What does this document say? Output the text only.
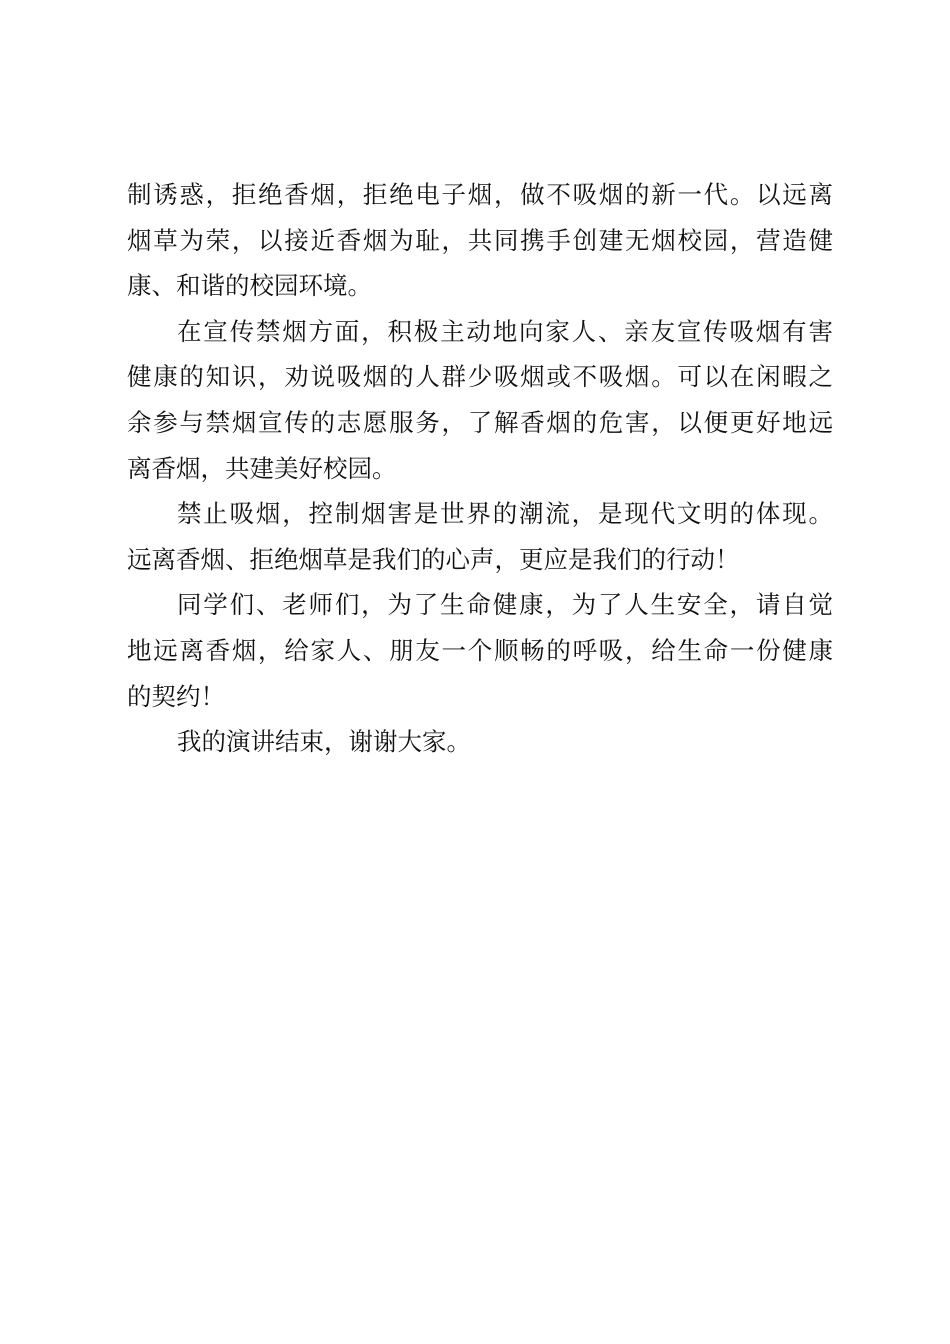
制诱惑，拒绝香烟，拒绝电子烟，做不吸烟的新一代。以远离
烟草为荣，以接近香烟为耻，共同携手创建无烟校园，营造健
康、和谐的校园环境。

在宣传禁烟方面，积极主动地向家人、亲友宣传吸烟有害
健康的知识，劝说吸烟的人群少吸烟或不吸烟。可以在闲暇之
余参与禁烟宣传的志愿服务，了解香烟的危害，以便更好地远
离香烟，共建美好校园。

禁止吸烟，控制烟害是世界的潮流，是现代文明的体现。
远离香烟、拒绝烟草是我们的心声，更应是我们的行动！

同学们、老师们，为了生命健康，为了人生安全，请自觉
地远离香烟，给家人、朋友一个顺畅的呼吸，给生命一份健康
的契约！

我的演讲结束，谢谢大家。
